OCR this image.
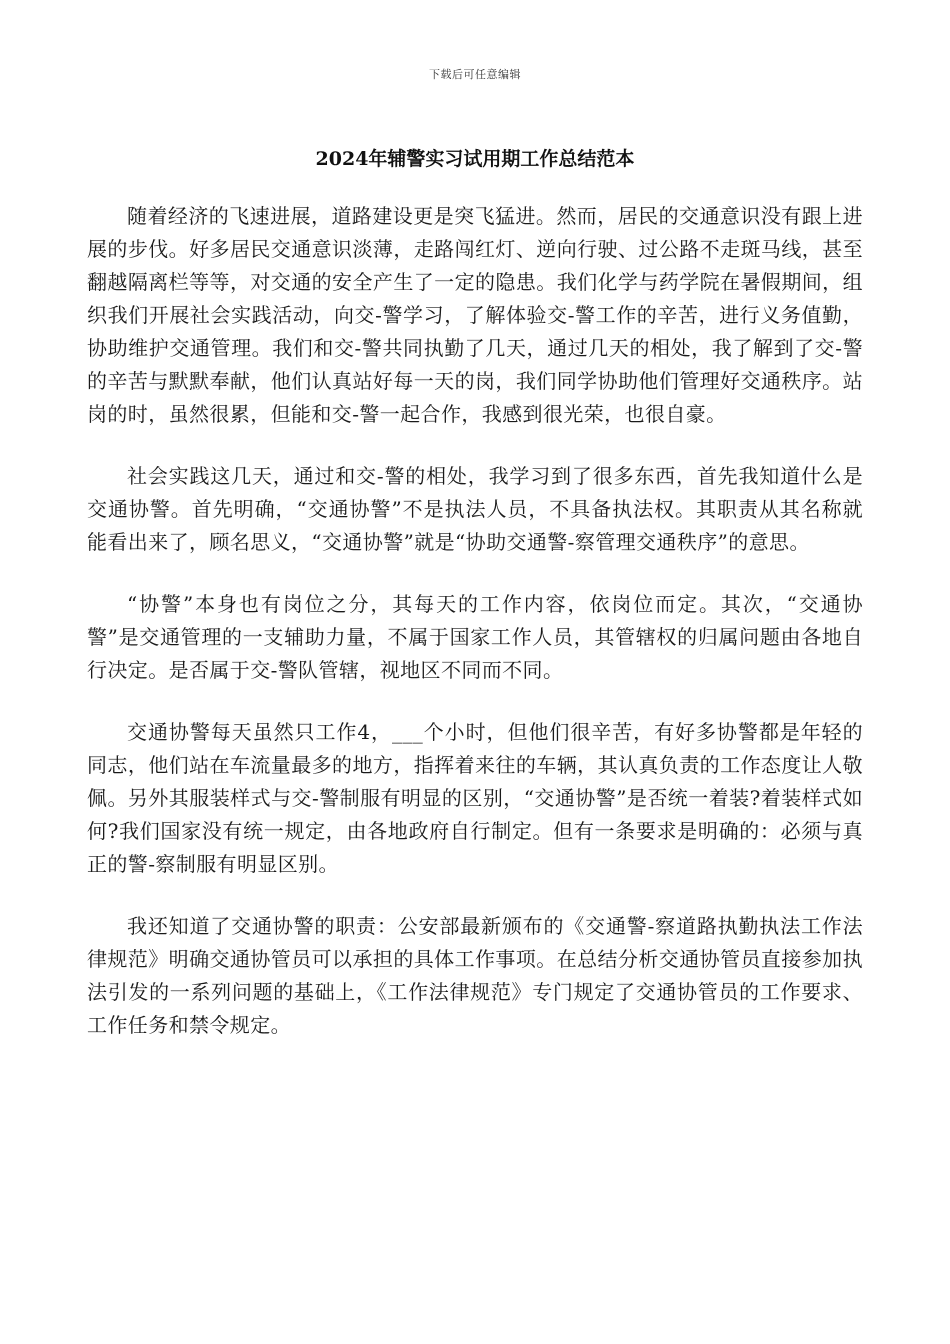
下载后可任意编辑
2024年辅警实习试用期工作总结范本

随着经济的飞速进展，道路建设更是突飞猛进。然而，居民的交通意识没有跟上进展的步伐。好多居民交通意识淡薄，走路闯红灯、逆向行驶、过公路不走斑马线，甚至翻越隔离栏等等，对交通的安全产生了一定的隐患。我们化学与药学院在暑假期间，组织我们开展社会实践活动，向交-警学习，了解体验交-警工作的辛苦，进行义务值勤，协助维护交通管理。我们和交-警共同执勤了几天，通过几天的相处，我了解到了交-警的辛苦与默默奉献，他们认真站好每一天的岗，我们同学协助他们管理好交通秩序。站岗的时，虽然很累，但能和交-警一起合作，我感到很光荣，也很自豪。

社会实践这几天，通过和交-警的相处，我学习到了很多东西，首先我知道什么是交通协警。首先明确，“交通协警”不是执法人员，不具备执法权。其职责从其名称就能看出来了，顾名思义，“交通协警”就是“协助交通警-察管理交通秩序”的意思。

“协警”本身也有岗位之分，其每天的工作内容，依岗位而定。其次，“交通协警”是交通管理的一支辅助力量，不属于国家工作人员，其管辖权的归属问题由各地自行决定。是否属于交-警队管辖，视地区不同而不同。

交通协警每天虽然只工作4，___个小时，但他们很辛苦，有好多协警都是年轻的同志，他们站在车流量最多的地方，指挥着来往的车辆，其认真负责的工作态度让人敬佩。另外其服装样式与交-警制服有明显的区别，“交通协警”是否统一着装?着装样式如何?我们国家没有统一规定，由各地政府自行制定。但有一条要求是明确的：必须与真正的警-察制服有明显区别。

我还知道了交通协警的职责：公安部最新颁布的《交通警-察道路执勤执法工作法律规范》明确交通协管员可以承担的具体工作事项。在总结分析交通协管员直接参加执法引发的一系列问题的基础上，《工作法律规范》专门规定了交通协管员的工作要求、工作任务和禁令规定。
